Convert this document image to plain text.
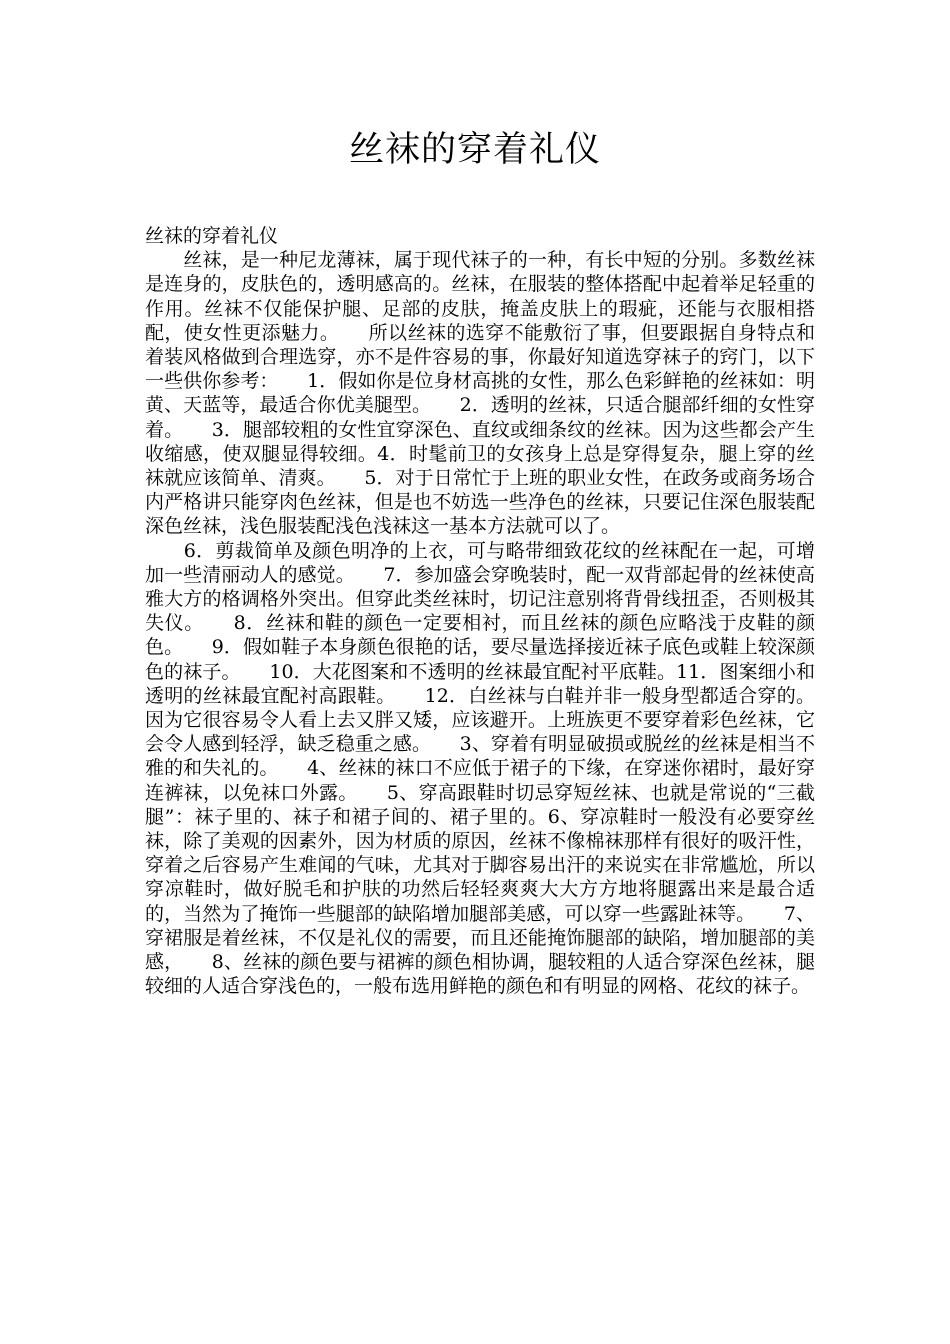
丝袜的穿着礼仪

丝袜的穿着礼仪

　　丝袜，是一种尼龙薄袜，属于现代袜子的一种，有长中短的分别。多数丝袜是连身的，皮肤色的，透明感高的。丝袜，在服装的整体搭配中起着举足轻重的作用。丝袜不仅能保护腿、足部的皮肤，掩盖皮肤上的瑕疵，还能与衣服相搭配，使女性更添魅力。　　所以丝袜的选穿不能敷衍了事，但要跟据自身特点和着装风格做到合理选穿，亦不是件容易的事，你最好知道选穿袜子的窍门，以下一些供你参考：　　1．假如你是位身材高挑的女性，那么色彩鲜艳的丝袜如：明黄、天蓝等，最适合你优美腿型。　　2．透明的丝袜，只适合腿部纤细的女性穿着。　　3．腿部较粗的女性宜穿深色、直纹或细条纹的丝袜。因为这些都会产生收缩感，使双腿显得较细。4．时髦前卫的女孩身上总是穿得复杂，腿上穿的丝袜就应该简单、清爽。　　5．对于日常忙于上班的职业女性，在政务或商务场合内严格讲只能穿肉色丝袜，但是也不妨选一些净色的丝袜，只要记住深色服装配深色丝袜，浅色服装配浅色浅袜这一基本方法就可以了。

　　6．剪裁简单及颜色明净的上衣，可与略带细致花纹的丝袜配在一起，可增加一些清丽动人的感觉。　　7．参加盛会穿晚装时，配一双背部起骨的丝袜使高雅大方的格调格外突出。但穿此类丝袜时，切记注意别将背骨线扭歪，否则极其失仪。　　8．丝袜和鞋的颜色一定要相衬，而且丝袜的颜色应略浅于皮鞋的颜色。　　9．假如鞋子本身颜色很艳的话，要尽量选择接近袜子底色或鞋上较深颜色的袜子。　　10．大花图案和不透明的丝袜最宜配衬平底鞋。11．图案细小和透明的丝袜最宜配衬高跟鞋。　　12．白丝袜与白鞋并非一般身型都适合穿的。因为它很容易令人看上去又胖又矮，应该避开。上班族更不要穿着彩色丝袜，它会令人感到轻浮，缺乏稳重之感。　　3、穿着有明显破损或脱丝的丝袜是相当不雅的和失礼的。　　4、丝袜的袜口不应低于裙子的下缘，在穿迷你裙时，最好穿连裤袜，以免袜口外露。　　5、穿高跟鞋时切忌穿短丝袜、也就是常说的“三截腿”：袜子里的、袜子和裙子间的、裙子里的。6、穿凉鞋时一般没有必要穿丝袜，除了美观的因素外，因为材质的原因，丝袜不像棉袜那样有很好的吸汗性，穿着之后容易产生难闻的气味，尤其对于脚容易出汗的来说实在非常尴尬，所以穿凉鞋时，做好脱毛和护肤的功然后轻轻爽爽大大方方地将腿露出来是最合适的，当然为了掩饰一些腿部的缺陷增加腿部美感，可以穿一些露趾袜等。　　7、穿裙服是着丝袜，不仅是礼仪的需要，而且还能掩饰腿部的缺陷，增加腿部的美感，　　8、丝袜的颜色要与裙裤的颜色相协调，腿较粗的人适合穿深色丝袜，腿较细的人适合穿浅色的，一般布选用鲜艳的颜色和有明显的网格、花纹的袜子。
